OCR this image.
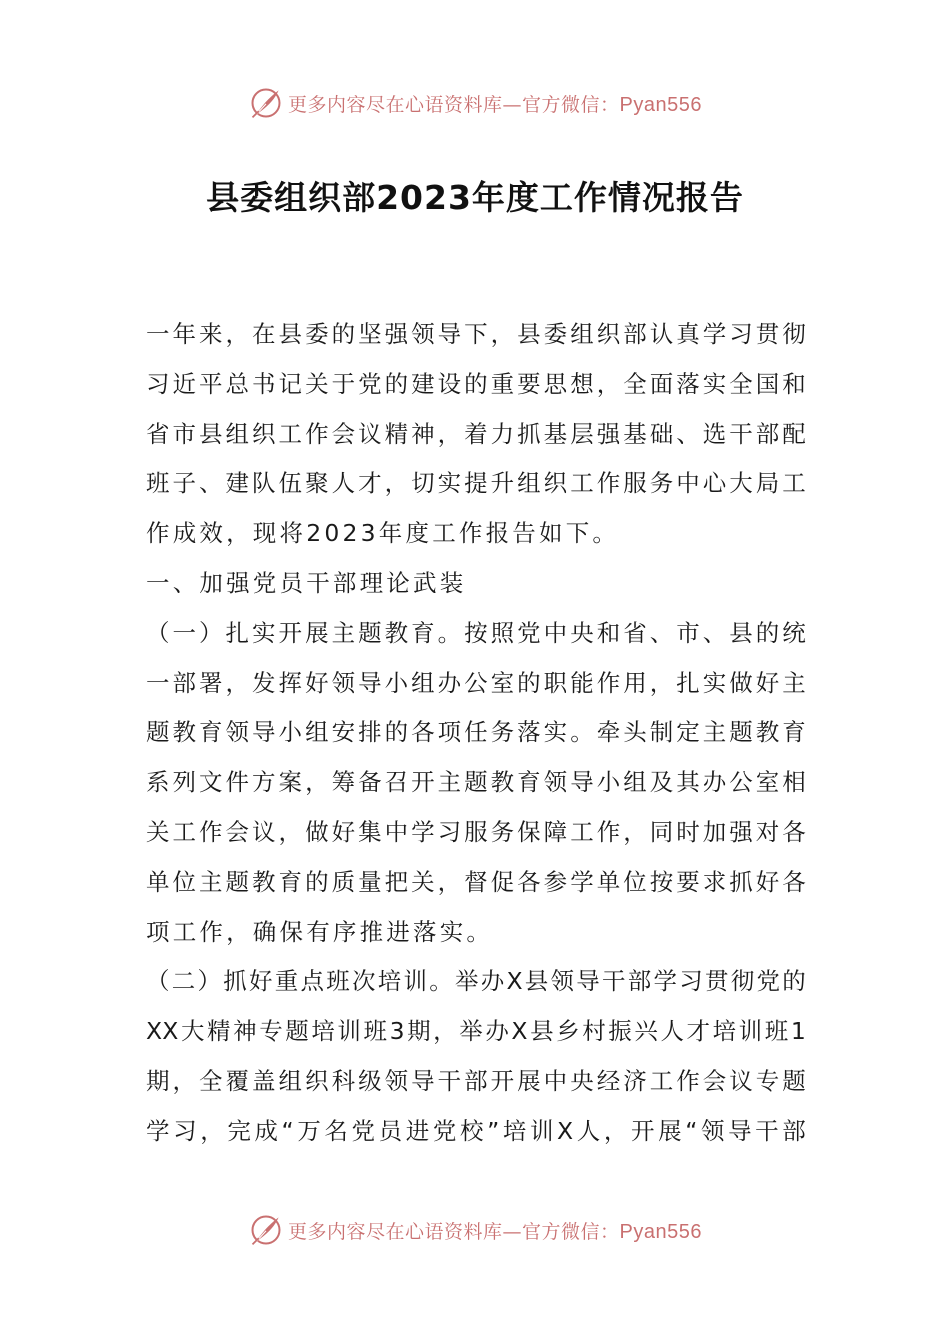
更多内容尽在心语资料库—官方微信：Pyan556
县委组织部2023年度工作情况报告
一年来，在县委的坚强领导下，县委组织部认真学习贯彻
习近平总书记关于党的建设的重要思想，全面落实全国和
省市县组织工作会议精神，着力抓基层强基础、选干部配
班子、建队伍聚人才，切实提升组织工作服务中心大局工
作成效，现将2023年度工作报告如下。
一、加强党员干部理论武装
（一）扎实开展主题教育。按照党中央和省、市、县的统
一部署，发挥好领导小组办公室的职能作用，扎实做好主
题教育领导小组安排的各项任务落实。牵头制定主题教育
系列文件方案，筹备召开主题教育领导小组及其办公室相
关工作会议，做好集中学习服务保障工作，同时加强对各
单位主题教育的质量把关，督促各参学单位按要求抓好各
项工作，确保有序推进落实。
（二）抓好重点班次培训。举办X县领导干部学习贯彻党的
XX大精神专题培训班3期，举办X县乡村振兴人才培训班1
期，全覆盖组织科级领导干部开展中央经济工作会议专题
学习，完成“万名党员进党校”培训X人，开展“领导干部
更多内容尽在心语资料库—官方微信：Pyan556
